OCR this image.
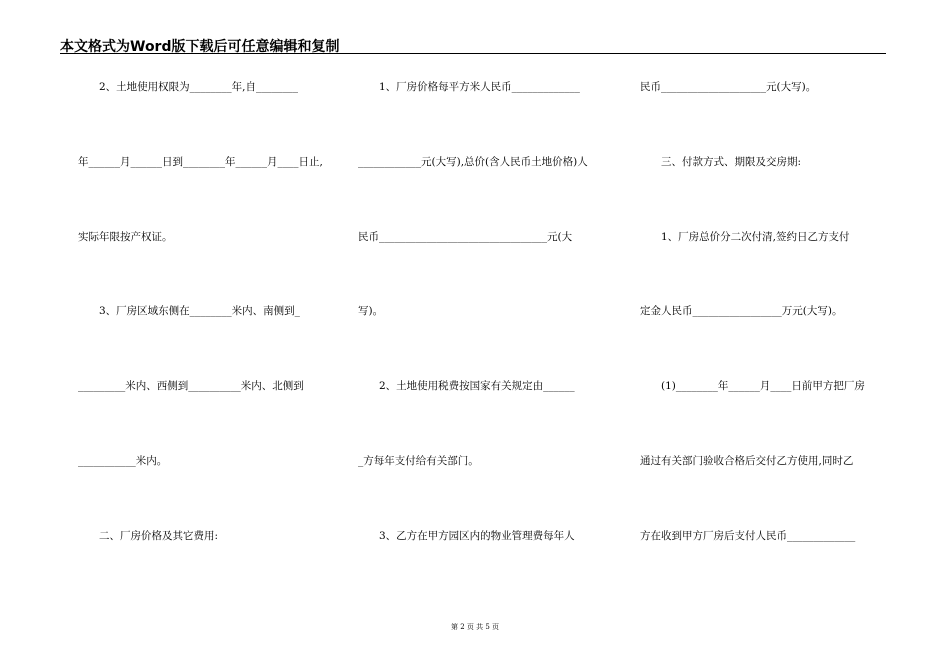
本文格式为Word版下载后可任意编辑和复制
　　2、土地使用权限为________年,自________
年______月______日到________年______月____日止,
实际年限按产权证。
　　3、厂房区域东侧在________米内、南侧到_
_________米内、西侧到__________米内、北侧到
___________米内。
　　二、厂房价格及其它费用:
　　1、厂房价格每平方米人民币_____________
____________元(大写),总价(含人民币土地价格)人
民币________________________________元(大
写)。
　　2、土地使用税费按国家有关规定由______
_方每年支付给有关部门。
　　3、乙方在甲方园区内的物业管理费每年人
民币____________________元(大写)。
　　三、付款方式、期限及交房期:
　　1、厂房总价分二次付清,签约日乙方支付
定金人民币_________________万元(大写)。
　　(1)________年______月____日前甲方把厂房
通过有关部门验收合格后交付乙方使用,同时乙
方在收到甲方厂房后支付人民币_____________
第 2 页 共 5 页
